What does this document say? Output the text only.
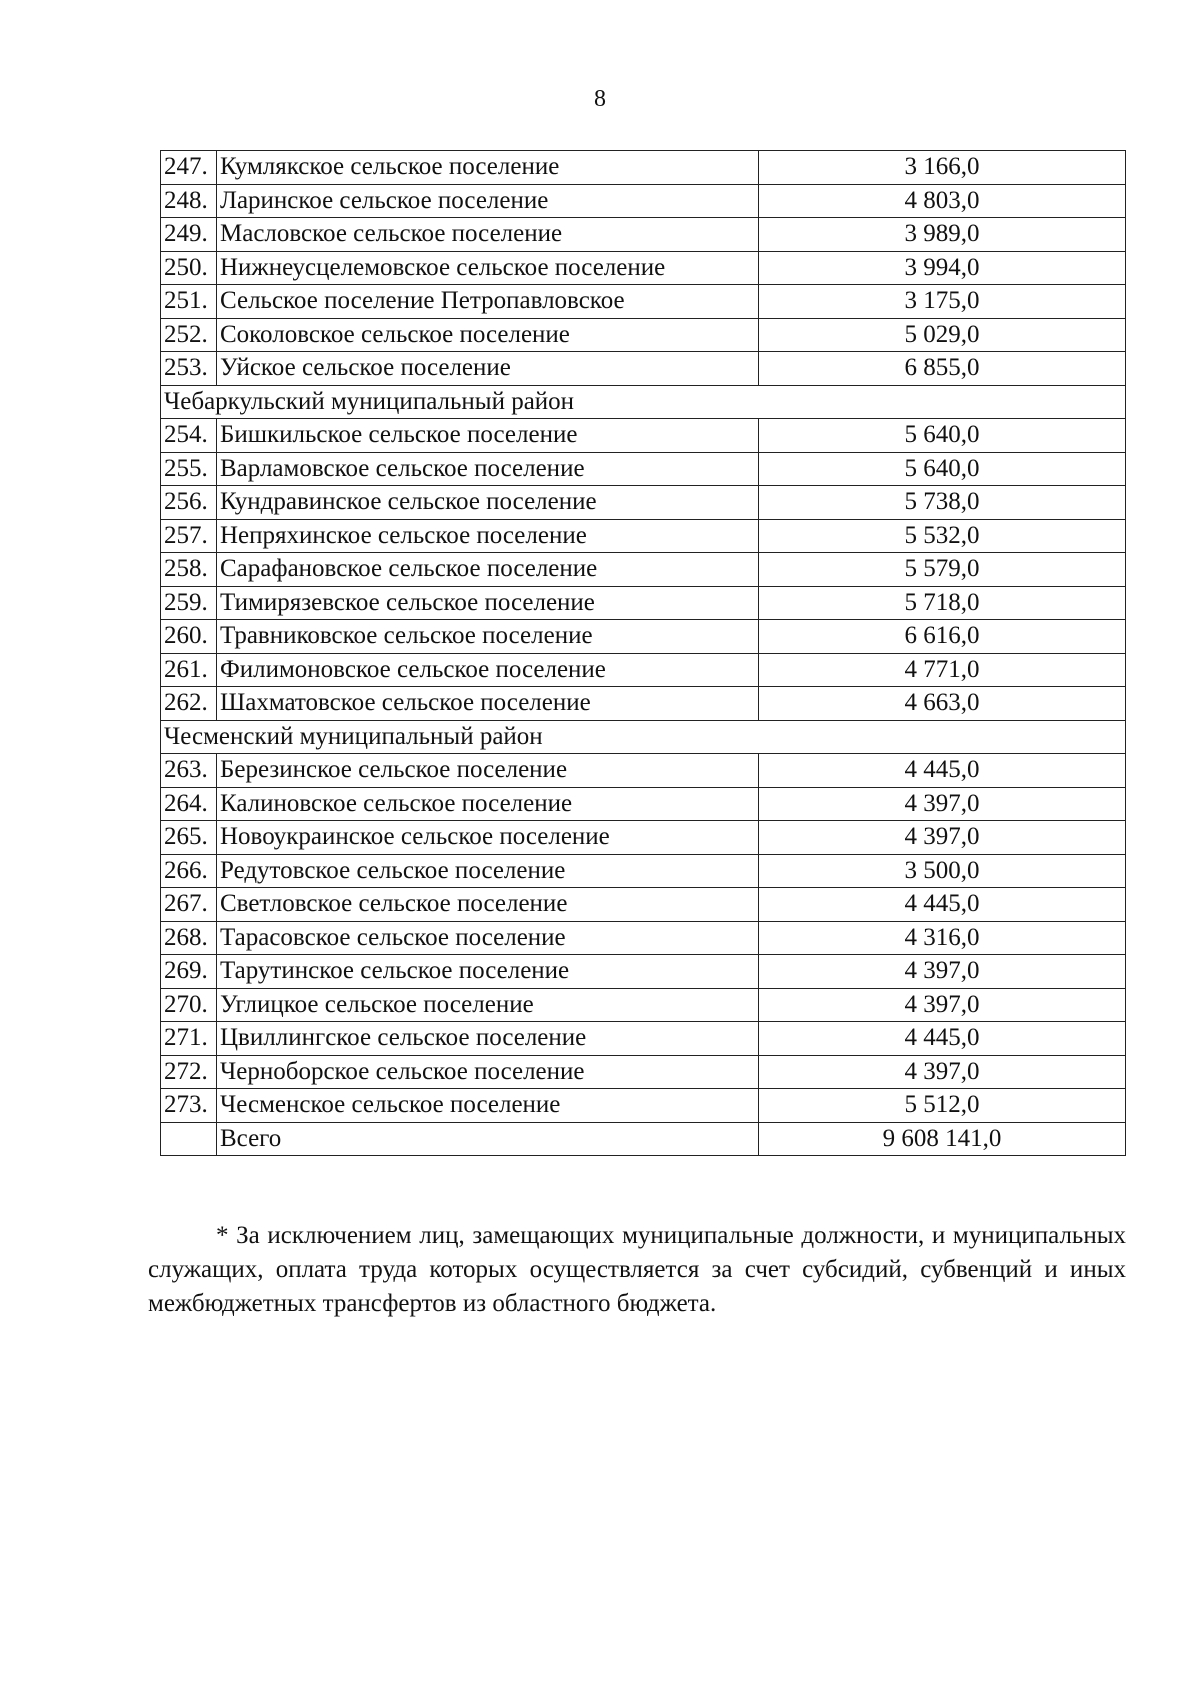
8
247.	Кумлякское сельское поселение	3 166,0
248.	Ларинское сельское поселение	4 803,0
249.	Масловское сельское поселение	3 989,0
250.	Нижнеусцелемовское сельское поселение	3 994,0
251.	Сельское поселение Петропавловское	3 175,0
252.	Соколовское сельское поселение	5 029,0
253.	Уйское сельское поселение	6 855,0
Чебаркульский муниципальный район		
254.	Бишкильское сельское поселение	5 640,0
255.	Варламовское сельское поселение	5 640,0
256.	Кундравинское сельское поселение	5 738,0
257.	Непряхинское сельское поселение	5 532,0
258.	Сарафановское сельское поселение	5 579,0
259.	Тимирязевское сельское поселение	5 718,0
260.	Травниковское сельское поселение	6 616,0
261.	Филимоновское сельское поселение	4 771,0
262.	Шахматовское сельское поселение	4 663,0
Чесменский муниципальный район		
263.	Березинское сельское поселение	4 445,0
264.	Калиновское сельское поселение	4 397,0
265.	Новоукраинское сельское поселение	4 397,0
266.	Редутовское сельское поселение	3 500,0
267.	Светловское сельское поселение	4 445,0
268.	Тарасовское сельское поселение	4 316,0
269.	Тарутинское сельское поселение	4 397,0
270.	Углицкое сельское поселение	4 397,0
271.	Цвиллингское сельское поселение	4 445,0
272.	Черноборское сельское поселение	4 397,0
273.	Чесменское сельское поселение	5 512,0
	Всего	9 608 141,0

* За исключением лиц, замещающих муниципальные должности, и муниципальных служащих, оплата труда которых осуществляется за счет субсидий, субвенций и иных межбюджетных трансфертов из областного бюджета.
